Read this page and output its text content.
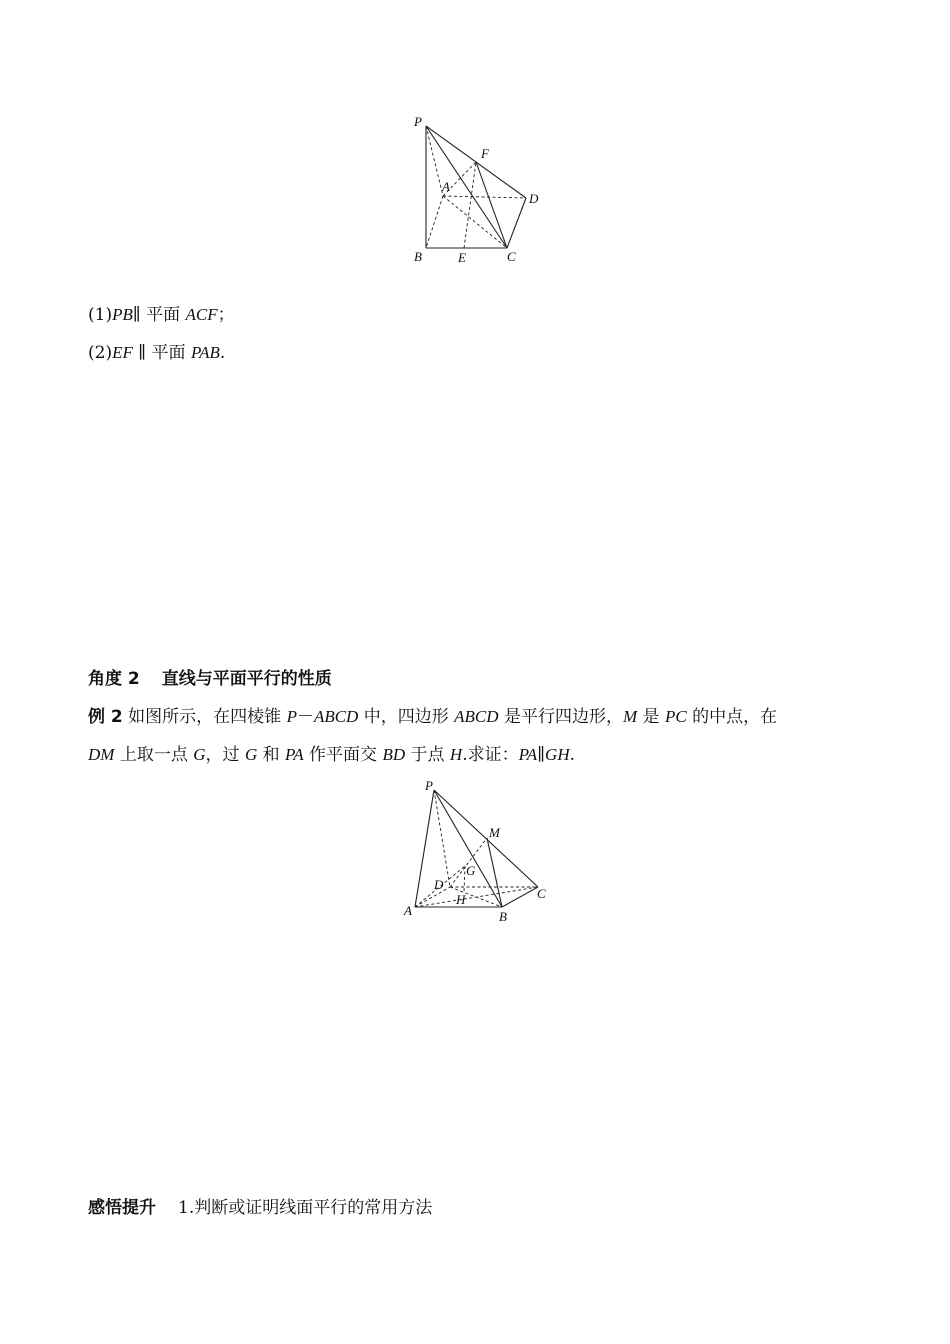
P
F
A
D
B	E	C
(1)PB∥ 平面 ACF；
(2)EF ∥ 平面 PAB.
角度 2 直线与平面平行的性质
例 2 如图所示，在四棱锥 P－ABCD 中，四边形 ABCD 是平行四边形，M 是 PC 的中点，在
DM 上取一点 G，过 G 和 PA 作平面交 BD 于点 H.求证：PA∥GH.
P
M
G
D
C
H
A	B
感悟提升 1.判断或证明线面平行的常用方法
